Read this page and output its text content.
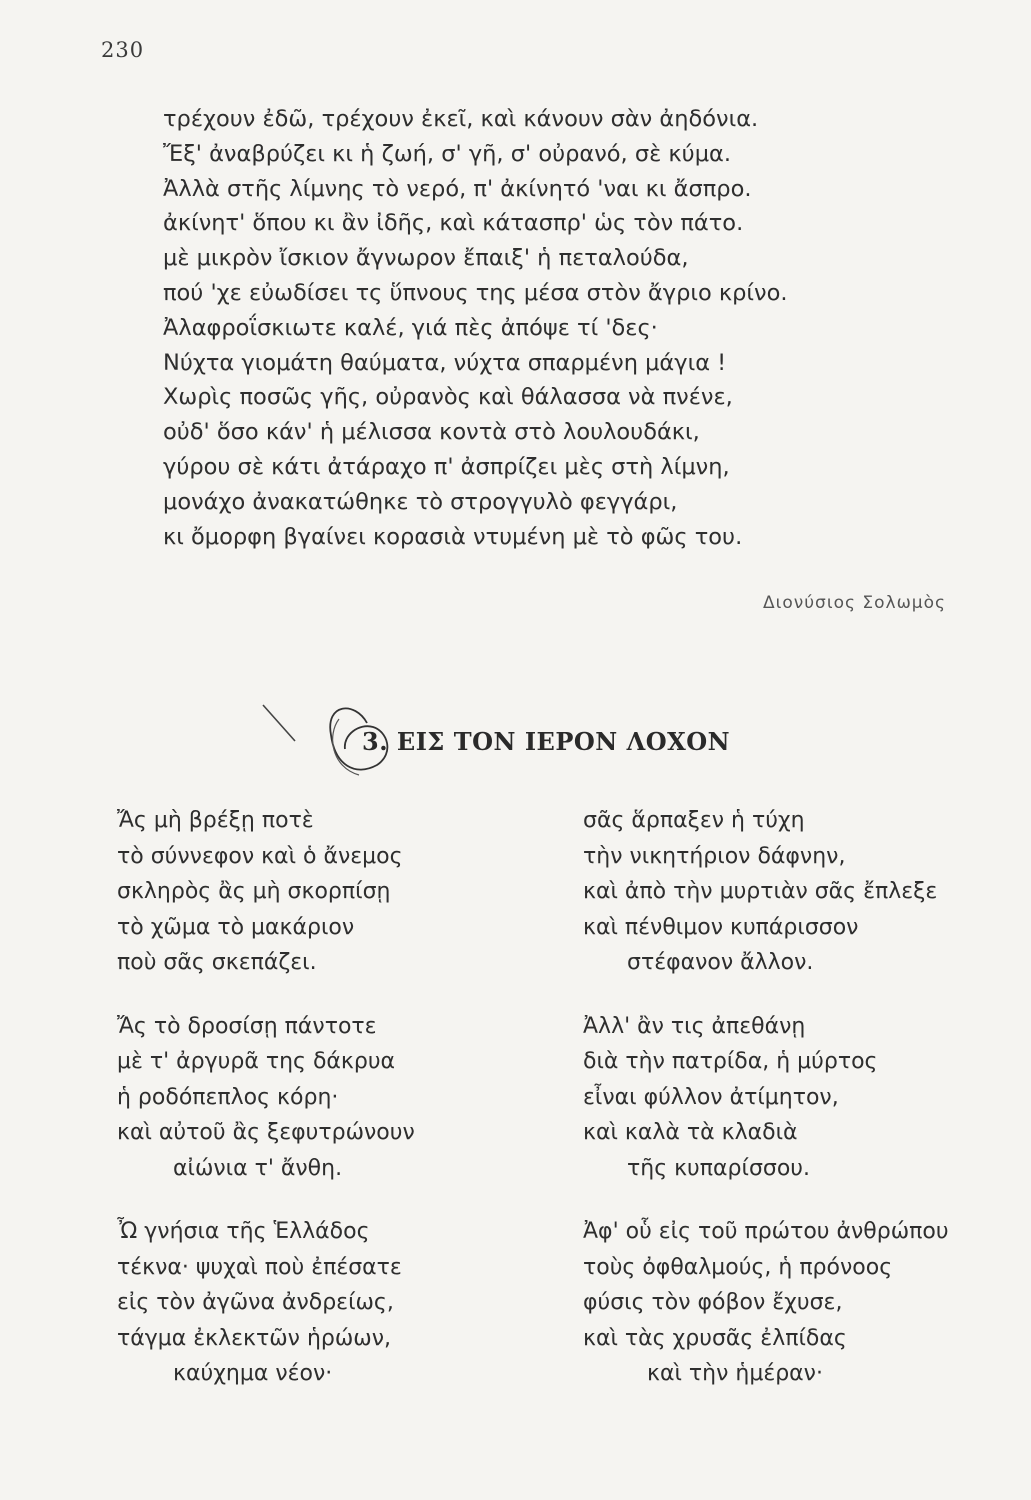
230
τρέχουν ἐδῶ, τρέχουν ἐκεῖ, καὶ κάνουν σὰν ἀηδόνια.
Ἔξ' ἀναβρύζει κι ἡ ζωή, σ' γῆ, σ' οὐρανό, σὲ κύμα.
Ἀλλὰ στῆς λίμνης τὸ νερό, π' ἀκίνητό 'ναι κι ἄσπρο.
ἀκίνητ' ὅπου κι ἂν ἰδῆς, καὶ κάτασπρ' ὡς τὸν πάτο.
μὲ μικρὸν ἴσκιον ἄγνωρον ἔπαιξ' ἡ πεταλούδα,
πού 'χε εὐωδίσει τς ὕπνους της μέσα στὸν ἄγριο κρίνο.
Ἀλαφροΐσκιωτε καλέ, γιά πὲς ἀπόψε τί 'δες·
Νύχτα γιομάτη θαύματα, νύχτα σπαρμένη μάγια !
Χωρὶς ποσῶς γῆς, οὐρανὸς καὶ θάλασσα νὰ πνένε,
οὐδ' ὅσο κάν' ἡ μέλισσα κοντὰ στὸ λουλουδάκι,
γύρου σὲ κάτι ἀτάραχο π' ἀσπρίζει μὲς στὴ λίμνη,
μονάχο ἀνακατώθηκε τὸ στρογγυλὸ φεγγάρι,
κι ὄμορφη βγαίνει κορασιὰ ντυμένη μὲ τὸ φῶς του.
Διονύσιος Σολωμὸς
3. ΕΙΣ ΤΟΝ ΙΕΡΟΝ ΛΟΧΟΝ
Ἄς μὴ βρέξῃ ποτὲ
τὸ σύννεφον καὶ ὁ ἄνεμος
σκληρὸς ἂς μὴ σκορπίσῃ
τὸ χῶμα τὸ μακάριον
ποὺ σᾶς σκεπάζει.
Ἄς τὸ δροσίσῃ πάντοτε
μὲ τ' ἀργυρᾶ της δάκρυα
ἡ ροδόπεπλος κόρη·
καὶ αὐτοῦ ἂς ξεφυτρώνουν
αἰώνια τ' ἄνθη.
Ὦ γνήσια τῆς Ἑλλάδος
τέκνα· ψυχαὶ ποὺ ἐπέσατε
εἰς τὸν ἀγῶνα ἀνδρείως,
τάγμα ἐκλεκτῶν ἡρώων,
καύχημα νέον·
σᾶς ἅρπαξεν ἡ τύχη
τὴν νικητήριον δάφνην,
καὶ ἀπὸ τὴν μυρτιὰν σᾶς ἔπλεξε
καὶ πένθιμον κυπάρισσον
στέφανον ἄλλον.
Ἀλλ' ἂν τις ἀπεθάνῃ
διὰ τὴν πατρίδα, ἡ μύρτος
εἶναι φύλλον ἀτίμητον,
καὶ καλὰ τὰ κλαδιὰ
τῆς κυπαρίσσου.
Ἀφ' οὗ εἰς τοῦ πρώτου ἀνθρώπου
τοὺς ὀφθαλμούς, ἡ πρόνοος
φύσις τὸν φόβον ἔχυσε,
καὶ τὰς χρυσᾶς ἐλπίδας
καὶ τὴν ἡμέραν·
